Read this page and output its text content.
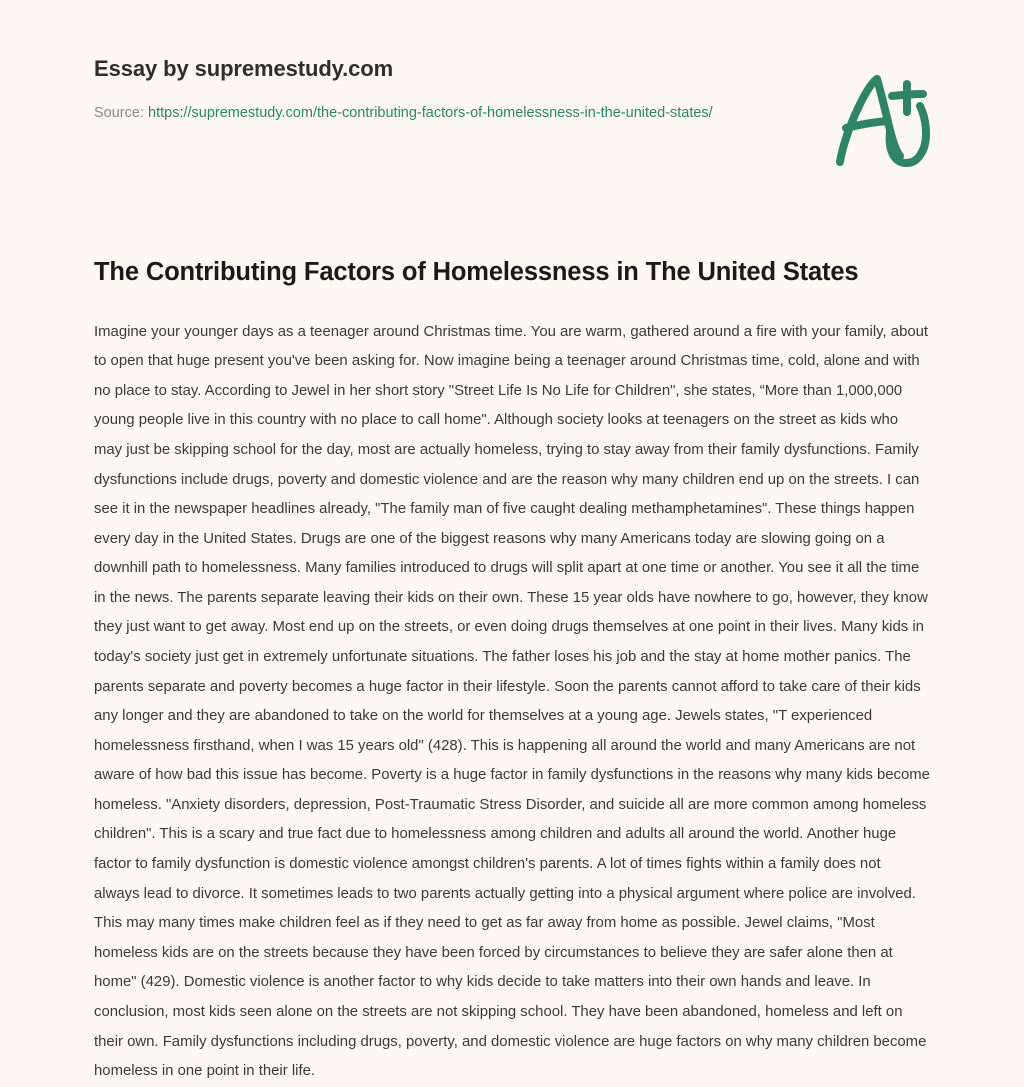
Essay by supremestudy.com
Source: https://supremestudy.com/the-contributing-factors-of-homelessness-in-the-united-states/
The Contributing Factors of Homelessness in The United States

Imagine your younger days as a teenager around Christmas time. You are warm, gathered around a fire with your family, about to open that huge present you've been asking for. Now imagine being a teenager around Christmas time, cold, alone and with no place to stay. According to Jewel in her short story "Street Life Is No Life for Children", she states, “More than 1,000,000 young people live in this country with no place to call home". Although society looks at teenagers on the street as kids who may just be skipping school for the day, most are actually homeless, trying to stay away from their family dysfunctions. Family dysfunctions include drugs, poverty and domestic violence and are the reason why many children end up on the streets. I can see it in the newspaper headlines already, "The family man of five caught dealing methamphetamines". These things happen every day in the United States. Drugs are one of the biggest reasons why many Americans today are slowing going on a downhill path to homelessness. Many families introduced to drugs will split apart at one time or another. You see it all the time in the news. The parents separate leaving their kids on their own. These 15 year olds have nowhere to go, however, they know they just want to get away. Most end up on the streets, or even doing drugs themselves at one point in their lives. Many kids in today's society just get in extremely unfortunate situations. The father loses his job and the stay at home mother panics. The parents separate and poverty becomes a huge factor in their lifestyle. Soon the parents cannot afford to take care of their kids any longer and they are abandoned to take on the world for themselves at a young age. Jewels states, "T experienced homelessness firsthand, when I was 15 years old" (428). This is happening all around the world and many Americans are not aware of how bad this issue has become. Poverty is a huge factor in family dysfunctions in the reasons why many kids become homeless. "Anxiety disorders, depression, Post-Traumatic Stress Disorder, and suicide all are more common among homeless children". This is a scary and true fact due to homelessness among children and adults all around the world. Another huge factor to family dysfunction is domestic violence amongst children's parents. A lot of times fights within a family does not always lead to divorce. It sometimes leads to two parents actually getting into a physical argument where police are involved. This may many times make children feel as if they need to get as far away from home as possible. Jewel claims, "Most homeless kids are on the streets because they have been forced by circumstances to believe they are safer alone then at home" (429). Domestic violence is another factor to why kids decide to take matters into their own hands and leave. In conclusion, most kids seen alone on the streets are not skipping school. They have been abandoned, homeless and left on their own. Family dysfunctions including drugs, poverty, and domestic violence are huge factors on why many children become homeless in one point in their life.
